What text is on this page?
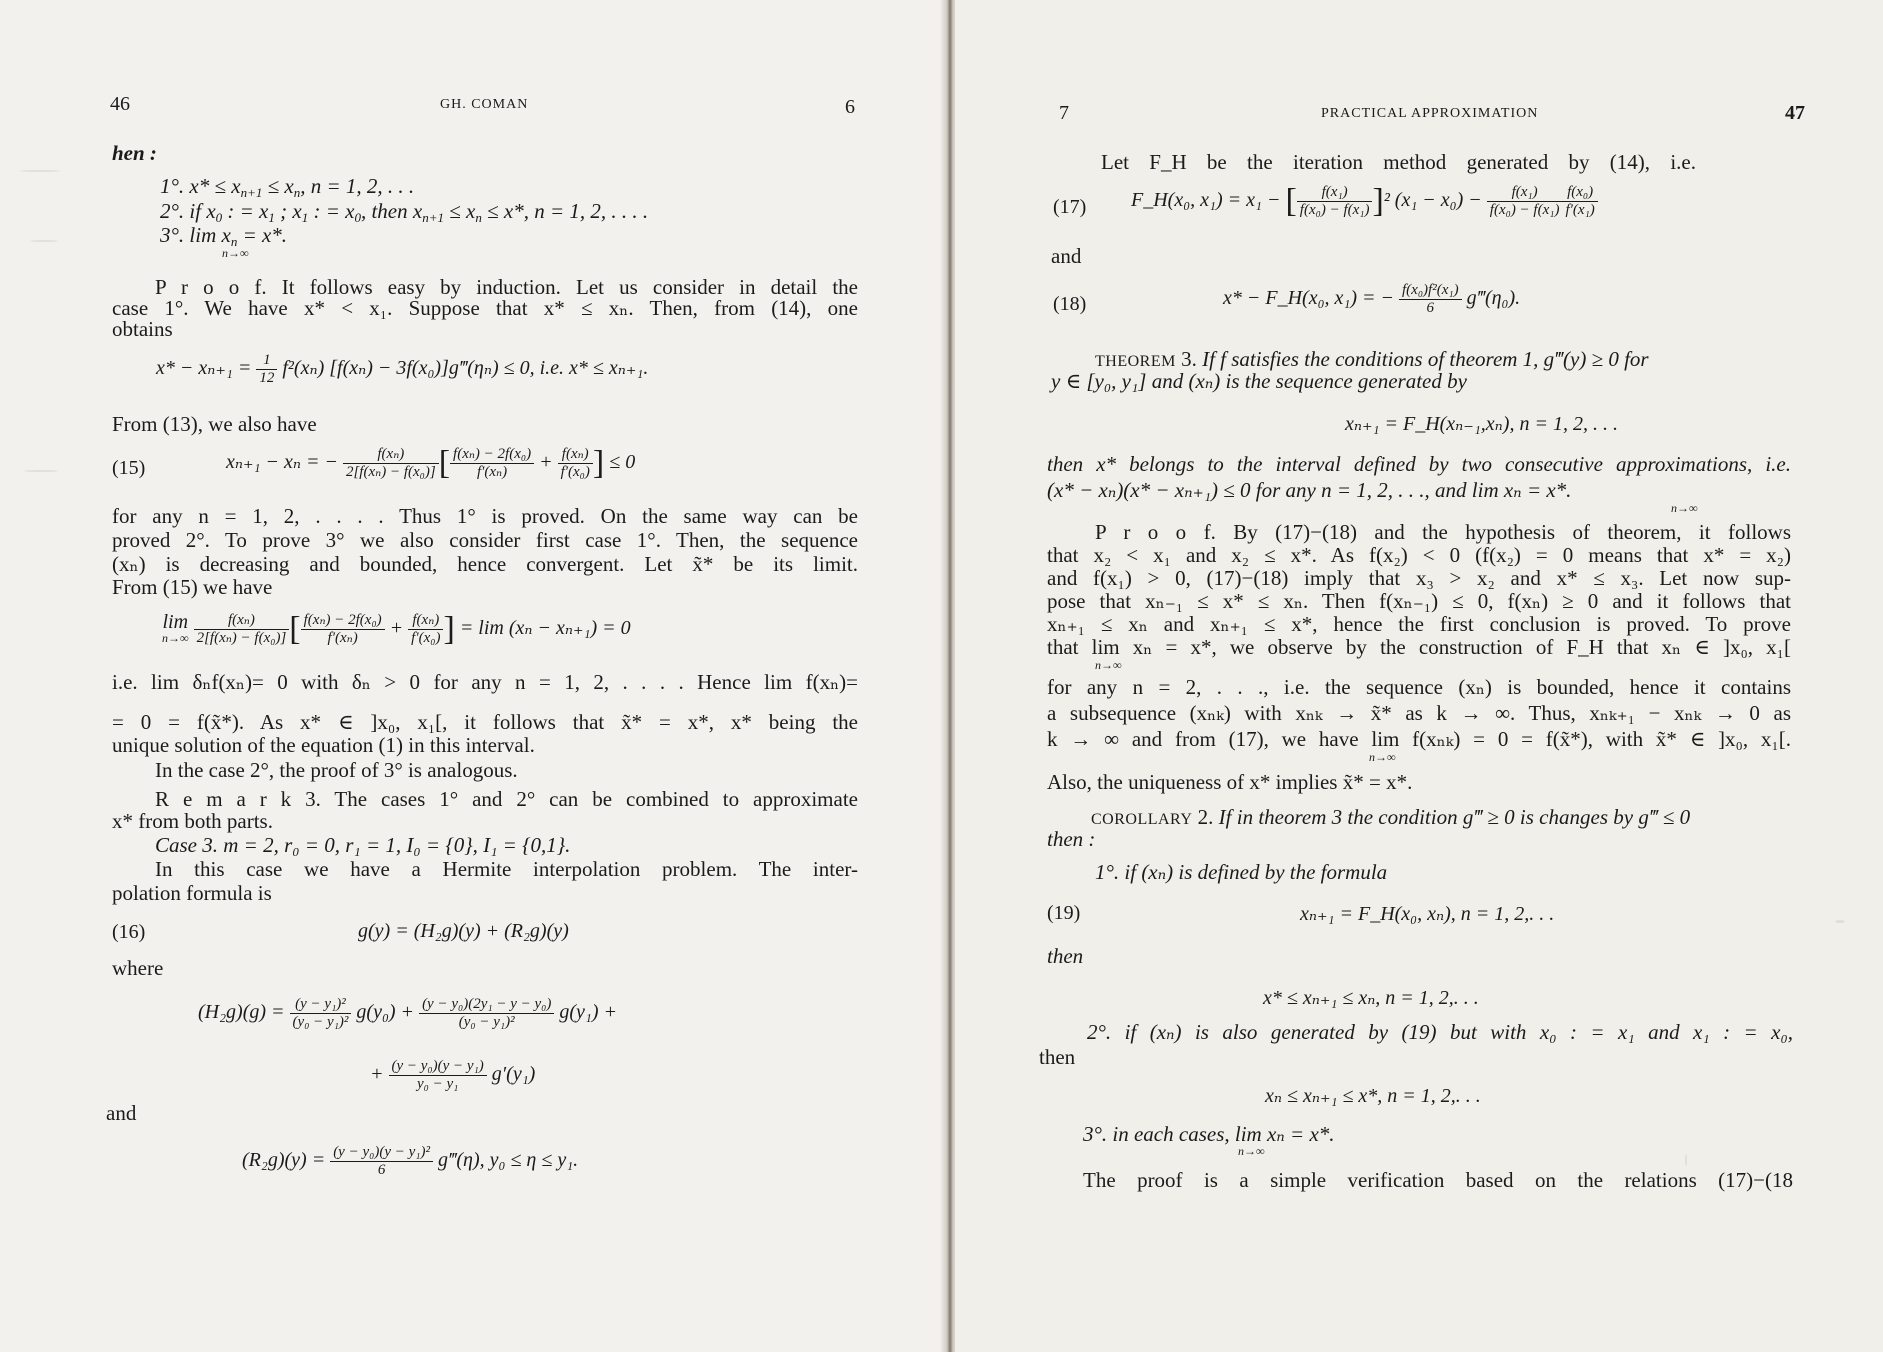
46	GH. COMAN	6
hen :
1°. $x* \le x_{n+1} \le x_n$, n = 1, 2, . . .
2°. if $x_0$ : = $x_1$ ; $x_1$ : = $x_0$, then $x_{n+1} \le x_n \le x*$, n = 1, 2, . . . .
3°. $\lim x_n = x*$.
n→∞
P r o o f. It follows easy by induction. Let us consider in detail the
case 1°. We have x* < x₁. Suppose that x* ≤ xₙ. Then, from (14), one
obtains
$x* - x_{n+1} = \frac{1}{12} f^2(x_n) [f(x_n)$ − 3f(x₀)]g‴(ηₙ) ≤ 0, i.e. x* ≤ xₙ₊₁.
From (13), we also have
(15)	xₙ₊₁ − xₙ = − $\frac{\text{f(xₙ)}}{\text{2[f(xₙ) − f(x₀)]}}$ [ $\frac{\text{f(xₙ) − 2f(x₀)}}{\text{f′(xₙ)}} + \frac{\text{f(xₙ)}}{\text{f′(x₀)}}$ ] ≤ 0
for any n = 1, 2, . . . . Thus 1° is proved. On the same way can be
proved 2°. To prove 3° we also consider first case 1°. Then, the sequence
(xₙ) is decreasing and bounded, hence convergent. Let x̃* be its limit.
From (15) we have
lim
n→∞
$\frac{\text{f(xₙ)}}{\text{2[f(xₙ) − f(x₀)]}}$ [ $\frac{\text{f(xₙ) − 2f(x₀)}}{\text{f′(xₙ)}} + \frac{\text{f(xₙ)}}{\text{f′(x₀)}}$ ] = lim (xₙ − xₙ₊₁) = 0
i.e. lim δₙf(xₙ)= 0 with δₙ > 0 for any n = 1, 2, . . . . Hence lim f(xₙ)=
= 0 = f(x̃*). As x* ∈ ]x₀, x₁[, it follows that x̃* = x*, x* being the
unique solution of the equation (1) in this interval.
In the case 2°, the proof of 3° is analogous.
R e m a r k 3. The cases 1° and 2° can be combined to approximate
x* from both parts.
Case 3. m = 2, r₀ = 0, r₁ = 1, I₀ = {0}, I₁ = {0,1}.
In this case we have a Hermite interpolation problem. The inter-
polation formula is
(16)	g(y) = (H₂g)(y) + (R₂g)(y)
where
$(H_2g)(g) = \frac{\text{(y − y₁)²}}{\text{(y₀ − y₁)²}} g(y_0) + \frac{\text{(y − y₀)(2y₁ − y − y₀)}}{\text{(y₀ − y₁)²}} g(y_1)$ +
+ $\frac{\text{(y − y₀)(y − y₁)}}{\text{y₀ − y₁}} g'(y_1)$
and
$(R_2g)(y) = \frac{\text{(y − y₀)(y − y₁)²}}{6}$ g‴(η), y₀ ≤ η ≤ y₁.
7	PRACTICAL APPROXIMATION	47
Let F_H be the iteration method generated by (14), i.e.
(17) F_H(x₀, x₁) = x₁ − [ $\frac{\text{f(x₁)}}{\text{f(x₀) − f(x₁)}} ]^2$ $(x_1 - x_0) - \frac{\text{f(x₁)}}{\text{f(x₀) − f(x₁)}} \frac{\text{f(x₀)}}{\text{f′(x₁)}}$
and
(18)	x* − F_H(x₀, x₁) = − $\frac{\text{f(x₀)f²(x₁)}}{6}$ g‴(η₀).
THEOREM 3. If f satisfies the conditions of theorem 1, g‴(y) ≥ 0 for
y ∈ [y₀, y₁] and (xₙ) is the sequence generated by
xₙ₊₁ = F_H(xₙ₋₁,xₙ), n = 1, 2, . . .
then x* belongs to the interval defined by two consecutive approximations, i.e.
(x* − xₙ)(x* − xₙ₊₁) ≤ 0 for any n = 1, 2, . . ., and lim xₙ = x*.
n→∞
P r o o f. By (17)−(18) and the hypothesis of theorem, it follows
that x₂ < x₁ and x₂ ≤ x*. As f(x₂) < 0 (f(x₂) = 0 means that x* = x₂)
and f(x₁) > 0, (17)−(18) imply that x₃ > x₂ and x* ≤ x₃. Let now sup-
pose that xₙ₋₁ ≤ x* ≤ xₙ. Then f(xₙ₋₁) ≤ 0, f(xₙ) ≥ 0 and it follows that
xₙ₊₁ ≤ xₙ and xₙ₊₁ ≤ x*, hence the first conclusion is proved. To prove
that lim xₙ = x*, we observe by the construction of F_H that xₙ ∈ ]x₀, x₁[
n→∞
for any n = 2, . . ., i.e. the sequence (xₙ) is bounded, hence it contains
a subsequence (xₙₖ) with xₙₖ → x̃* as k → ∞. Thus, xₙₖ₊₁ − xₙₖ → 0 as
k → ∞ and from (17), we have lim f(xₙₖ) = 0 = f(x̃*), with x̃* ∈ ]x₀, x₁[.
n→∞
Also, the uniqueness of x* implies x̃* = x*.
COROLLARY 2. If in theorem 3 the condition g‴ ≥ 0 is changes by g‴ ≤ 0
then :
1°. if (xₙ) is defined by the formula
(19)	xₙ₊₁ = F_H(x₀, xₙ), n = 1, 2,. . .
then
x* ≤ xₙ₊₁ ≤ xₙ, n = 1, 2,. . .
2°. if (xₙ) is also generated by (19) but with x₀ : = x₁ and x₁ : = x₀,
then
xₙ ≤ xₙ₊₁ ≤ x*, n = 1, 2,. . .
3°. in each cases, lim xₙ = x*.
n→∞
The proof is a simple verification based on the relations (17)−(18
